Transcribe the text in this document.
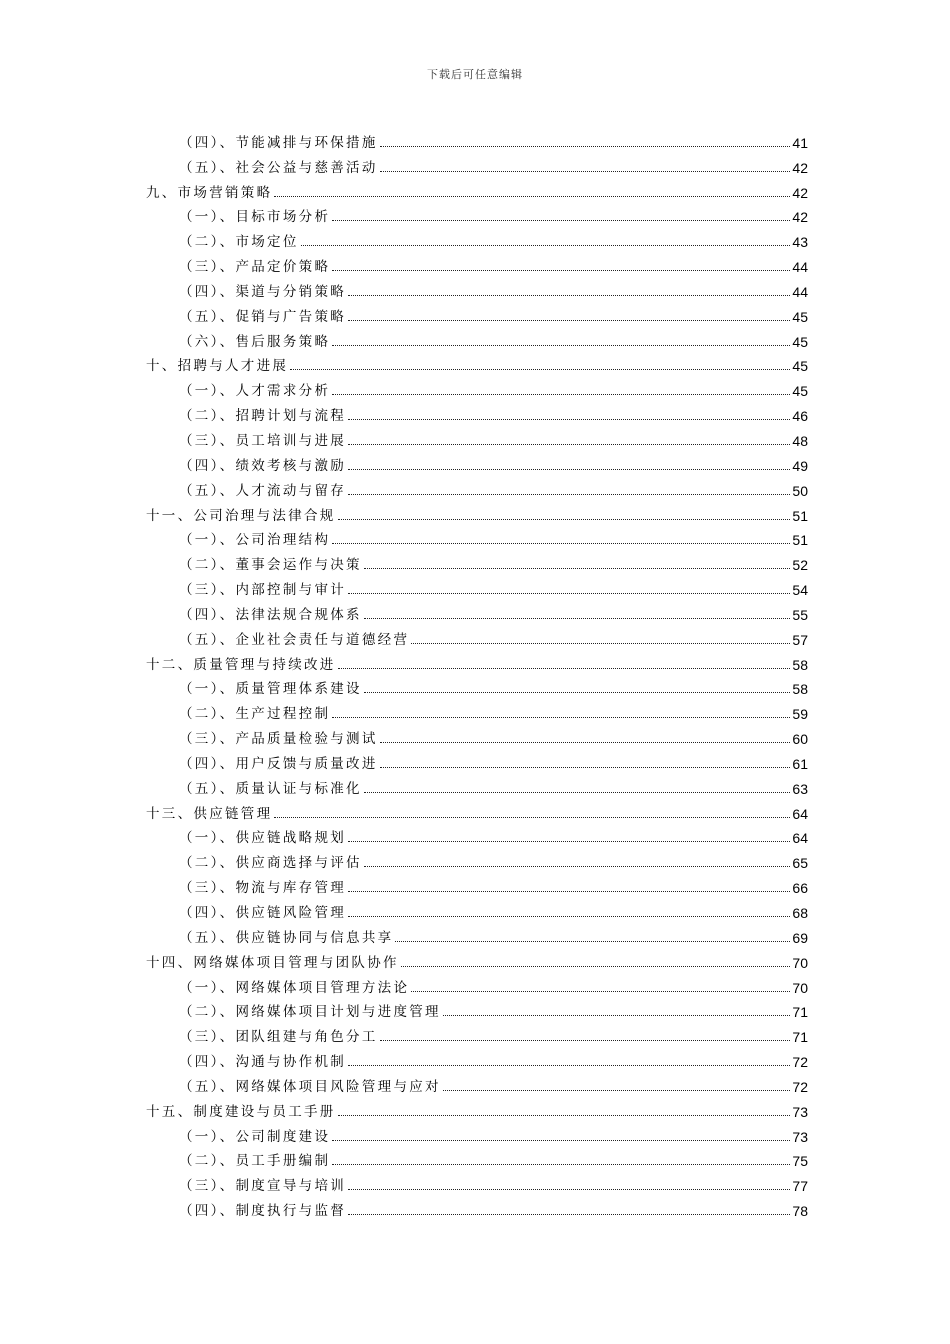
下载后可任意编辑
（四）、节能减排与环保措施	41
（五）、社会公益与慈善活动	42
九、市场营销策略	42
（一）、目标市场分析	42
（二）、市场定位	43
（三）、产品定价策略	44
（四）、渠道与分销策略	44
（五）、促销与广告策略	45
（六）、售后服务策略	45
十、招聘与人才进展	45
（一）、人才需求分析	45
（二）、招聘计划与流程	46
（三）、员工培训与进展	48
（四）、绩效考核与激励	49
（五）、人才流动与留存	50
十一、公司治理与法律合规	51
（一）、公司治理结构	51
（二）、董事会运作与决策	52
（三）、内部控制与审计	54
（四）、法律法规合规体系	55
（五）、企业社会责任与道德经营	57
十二、质量管理与持续改进	58
（一）、质量管理体系建设	58
（二）、生产过程控制	59
（三）、产品质量检验与测试	60
（四）、用户反馈与质量改进	61
（五）、质量认证与标准化	63
十三、供应链管理	64
（一）、供应链战略规划	64
（二）、供应商选择与评估	65
（三）、物流与库存管理	66
（四）、供应链风险管理	68
（五）、供应链协同与信息共享	69
十四、网络媒体项目管理与团队协作	70
（一）、网络媒体项目管理方法论	70
（二）、网络媒体项目计划与进度管理	71
（三）、团队组建与角色分工	71
（四）、沟通与协作机制	72
（五）、网络媒体项目风险管理与应对	72
十五、制度建设与员工手册	73
（一）、公司制度建设	73
（二）、员工手册编制	75
（三）、制度宣导与培训	77
（四）、制度执行与监督	78
